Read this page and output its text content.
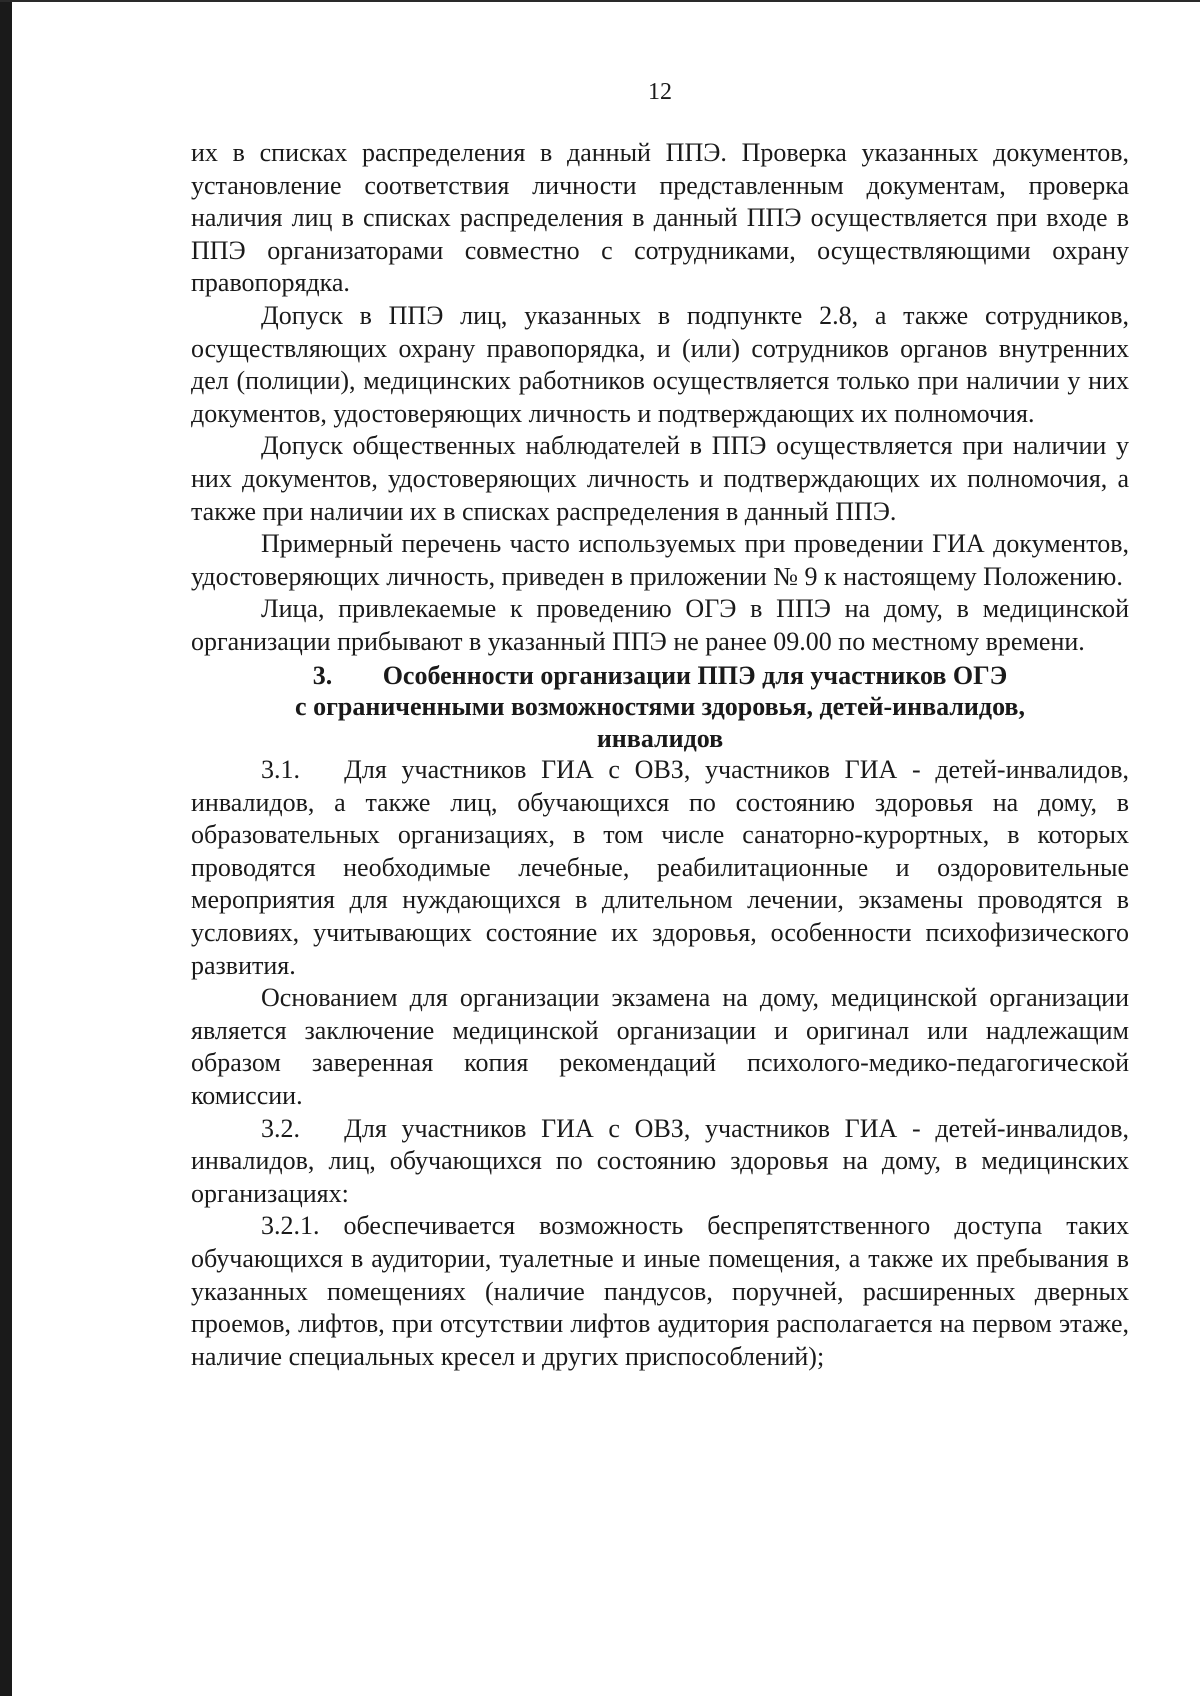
12

их в списках распределения в данный ППЭ. Проверка указанных документов, установление соответствия личности представленным документам, проверка наличия лиц в списках распределения в данный ППЭ осуществляется при входе в ППЭ организаторами совместно с сотрудниками, осуществляющими охрану правопорядка.

Допуск в ППЭ лиц, указанных в подпункте 2.8, а также сотрудников, осуществляющих охрану правопорядка, и (или) сотрудников органов внутренних дел (полиции), медицинских работников осуществляется только при наличии у них документов, удостоверяющих личность и подтверждающих их полномочия.

Допуск общественных наблюдателей в ППЭ осуществляется при наличии у них документов, удостоверяющих личность и подтверждающих их полномочия, а также при наличии их в списках распределения в данный ППЭ.

Примерный перечень часто используемых при проведении ГИА документов, удостоверяющих личность, приведен в приложении № 9 к настоящему Положению.

Лица, привлекаемые к проведению ОГЭ в ППЭ на дому, в медицинской организации прибывают в указанный ППЭ не ранее 09.00 по местному времени.

3. Особенности организации ППЭ для участников ОГЭ
с ограниченными возможностями здоровья, детей-инвалидов,
инвалидов

3.1.   Для участников ГИА с ОВЗ, участников ГИА - детей-инвалидов, инвалидов, а также лиц, обучающихся по состоянию здоровья на дому, в образовательных организациях, в том числе санаторно-курортных, в которых проводятся необходимые лечебные, реабилитационные и оздоровительные мероприятия для нуждающихся в длительном лечении, экзамены проводятся в условиях, учитывающих состояние их здоровья, особенности психофизического развития.

Основанием для организации экзамена на дому, медицинской организации является заключение медицинской организации и оригинал или надлежащим образом заверенная копия рекомендаций психолого-медико-педагогической комиссии.

3.2.   Для участников ГИА с ОВЗ, участников ГИА - детей-инвалидов, инвалидов, лиц, обучающихся по состоянию здоровья на дому, в медицинских организациях:

3.2.1. обеспечивается возможность беспрепятственного доступа таких обучающихся в аудитории, туалетные и иные помещения, а также их пребывания в указанных помещениях (наличие пандусов, поручней, расширенных дверных проемов, лифтов, при отсутствии лифтов аудитория располагается на первом этаже, наличие специальных кресел и других приспособлений);
